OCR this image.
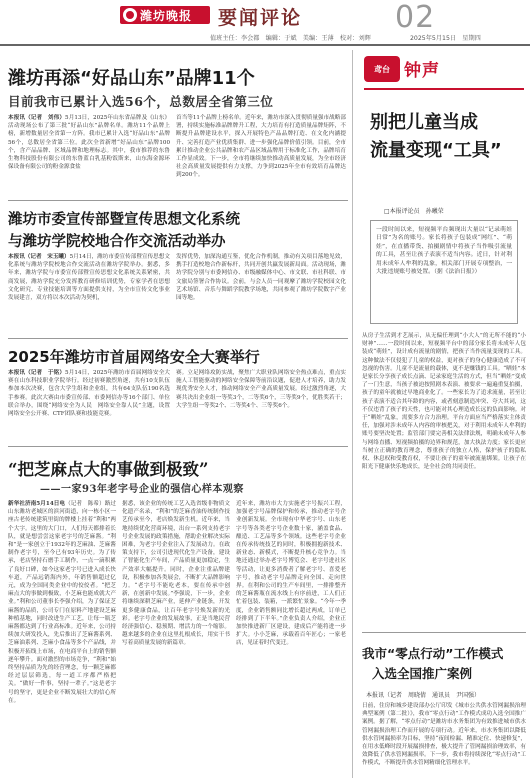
潍坊晚报 要闻评论	02
值班主任：李会都　编辑：于斌　美编：王薄　校对：刘辉	2025年5月15日　星期四
潍坊再添“好品山东”品牌11个
目前我市已累计入选56个，总数居全省第三位
本报讯（记者　刘伟）5月13日，2025年山东省品牌及《山东》活动现场公布了第三批“好品山东”品牌名单。潍坊11个品牌上榜，新增数量居全省第一方阵。我市已累计入选“好品山东”品牌56个，总数居全省第三位。此次全省新增“好品山东”品牌100个，含产品品牌、区域品牌和地理标志。其中，我市推荐的东鲁生物科技股份有限公司的东鲁蓝白乳基粉饭斯来，山东海金源环保设备有限公司的粉金源食盐
首当等11个品牌上榜名单。近年来，潍坊市深入贯彻质量强市战略部署，持续实施标准品牌牌升工程，大力培育有打造质量品牌矩阵，不断提升品牌建设水平，探入开展特色产品品牌打造、在文化内涵提升、完善打造产业优质集群、进一步强化品牌价值引领。目前，全市累计推动企业公共品牌和农产品区域品牌用于标准化工作，品牌培育工作显成效。下一步，全市将继续加快推动高质量发展，为全市经济社会高质量发展提供有力支撑，力争到2025年全市有效培育品牌达到200个。
潍坊市委宣传部暨宣传思想文化系统
与潍坊学院校地合作交流活动举办
本报讯（记者　宋玉曦）5月14日，潍坊市委宣传部暨宣传思想文化系统与潍坊学院校地合作交流活动在潍坊学院举办。据悉，多年来，潍坊学院与市委宣传部暨宣传思想文化系统关系紧密，共商发展，潍坊学院充分发挥教育研修培训优势，专家学者在思想文化研究、专业技能培训等方面提供支持，为全市宣传文化事业发展建言，双方将以本次活动为契机，
发挥优势，加深沟通互鉴，优化合作机制，推动有关项目落地见效，携手打造校地合作新标杆，共同开创共赢发展新局面。活动现场，潍坊学院分别与市委网信办、市级融媒体中心、市文联、市社科联、市文旅局签署合作协议。会前，与会人员一同观摩了潍坊学院校园文化艺术场馆、音乐与舞蹈学院教学场地，共同参观了潍坊学院数字产业园等地。
2025年潍坊市首届网络安全大赛举行
本报讯（记者　于铭）5月14日，2025年潍坊市首届网络安全大赛在山东科技职业学院举行。经过初赛激烈角逐，共有10支队伍参加本次决赛，包含大学生组和企业组，共有64支队伍190名选手参赛。此次大赛由市委宣传部、市委网信办等16个部门、单位联合举办，围绕“网络安全为人民　网络安全靠人民”主题，设置网络安全公开赛、CTF团队赛和技能竞赛。
赛。立足网络攻防实战，聚焦广大职业队网络安全热点难点，重点实施人工智能驱动的网络安全保障等前沿议题，促进人才培养，助力发现优秀安全人才，推动网络安全产业高质量发展。经过激烈角逐，大赛共决出企业组一等奖3个，二等奖6个，三等奖9个，优胜奖若干；大学生组一等奖2个、二等奖4个、三等奖6个。
“把芝麻点大的事做到极致”
——一家93年老字号企业的强信心样本观察
新华社济南5月14日电（记者　陈希）路过山东潍坊老城区的滨河街道，向一栋小区一座古老传统建筑里街的牌楼上挂着“利和”两个大字。这里的大门口，人们每天都排着长队，就是想尝尝这家老字号的芝麻酱。“利和”是一家创立于1932年的芝麻油、芝麻酱制作老字号，至今已有93年历史。为了传承，老店坚持石磨手工制作，一点一滴积累了良好口碑，如今这家老字号已进入成长快车道，产品远销海内外，年销售额超过亿元，成为全国同类企业中的佼佼者。“把芝麻点大的事做到极致，小芝麻也能成就大产业。”利和公司董事长李强介绍，为了保证芝麻酱的品质，公司专门在原料产地建设芝麻种植基地，同时改进生产工艺，让每一瓶芝麻酱都达到了行业高标准。近年来，公司持续加大研发投入，先后推出了芝麻酱系列、芝麻油系列、芝麻小食品等多个产品线，并积极开拓线上市场，在电商平台上的销售额逐年攀升。面对激烈的市场竞争，“利和”始终坚持品质为先的经营理念，每一颗芝麻都经过层层筛选，每一道工序都严格把关。“做好一件事，坚持一辈子。”这是老字号的坚守，更是企业不断发展壮大的信心所在。
据悉，该企业的传统工艺入选省级非物质文化遗产名录，“利和”的芝麻香油传统制作技艺传承至今，老店焕发新生机。近年来，当地持续优化营商环境，出台一系列支持老字号企业发展的政策措施，帮助企业解决实际困难，为老字号企业注入了发展动力。在政策支持下，公司引进现代化生产设备，建设了智能化生产车间，产品质量更加稳定，生产效率大幅提升。同时，企业注重品牌建设，积极参加各类展会，不断扩大品牌影响力。“老字号不能吃老本，要在传承中创新，在创新中发展。”李强说，下一步，企业将继续深耕芝麻产业，延伸产业链条，开发更多健康食品，让百年老字号焕发新的光彩。老字号企业的发展故事，正是当地民营经济强信心、稳预期、增活力的一个缩影。越来越多的企业在这里扎根成长，用实干书写着高质量发展的新篇章。
近年来，潍坊市大力实施老字号振兴工程，加强老字号品牌保护和传承，推动老字号企业创新发展。全市现有中华老字号、山东老字号等各类老字号企业数十家，涵盖食品、酿造、工艺品等多个领域。这些老字号企业在传承传统技艺的同时，积极拥抱新技术、新业态、新模式，不断提升核心竞争力。当地还通过举办老字号博览会、老字号进社区等活动，让更多消费者了解老字号、喜爱老字号，推动老字号品牌走向全国、走向世界。在利和公司的生产车间里，一排排整齐的芝麻酱瓶在流水线上有序前进，工人们正忙着包装、装箱，一派繁忙景象。“今年一季度，企业销售额同比增长超过两成，订单已经排到了下半年。”企业负责人介绍，企业正加快推进新厂区建设，建成后产能将进一步扩大。小小芝麻，承载着百年匠心；一家老店，见证着时代变迁。
鸢台 钟声
别把儿童当成
流量变现“工具”
□本报评论员　孙曦荣
一段时间以来，短视频平台频现出大量以“记录萌娃日常”为名的账号。家长将孩子包装成“网红”、“萌娃”，在直播带货、拍摄剧情中将孩子当作吸引流量的工具，甚至让孩子表演不适当内容。近日，针对利用未成年人牟利的乱象，相关部门开展专项整治，一大批违规账号被处置。（据《法治日报》）
从房子生活到才艺展示，从无偏任理到“小大人”的无所不能的“小财神”……一段时间以来，短视频平台中的部分家长将未成年人包装成“萌娃”，设计成有流量的剧情，把孩子当作流量变现的工具。这种做法不仅侵犯了儿童的权益，更对孩子的身心健康造成了不可忽视的伤害。儿童不是流量的载体，更不是赚钱的工具。“晒娃”本是家长分享孩子成长点滴、记录家庭生活的方式，但当“晒娃”变成了一门生意，当孩子被迫按照剧本表演、被要求一遍遍重复拍摄，孩子的童年就被过早地商业化了。一些家长为了追求流量，甚至让孩子表演不适合其年龄的内容，或者刻意制造冲突、夸大其词，这不仅违背了孩子的天性，也可能对其心理造成长远的负面影响。对于“晒娃”乱象，需要多方合力治理。平台方面应当严格落实主体责任，加强对涉未成年人内容的审核把关，对于利用未成年人牟利的账号要坚决处置；监管部门要完善相关法律法规，明确未成年人参与网络直播、短视频拍摄的边界和规范，加大执法力度；家长更应当树立正确的教育理念，尊重孩子的独立人格，保护孩子的隐私权、休息权和受教育权，不要让孩子的童年被流量绑架。让孩子在阳光下健康快乐地成长，是全社会的共同责任。
我市“零点行动”工作模式
入选全国推广案例
本报讯（记者　周晓倩　通讯员　尹国强）
日前，住房和城乡建设部办公厅印发《城市公共供水管网漏损治理典型案例（第二批）》，我市“零点行动”工作模式成功入选全国推广案例。据了解，“零点行动”是潍坊市水务集团为有效推进城市供水管网漏损治理工作而开展的专项行动。近年来，市水务集团以降低供水管网漏损率为目标，坚持“夜间检漏、精准定位、快速修复”，在用水低峰时段开展漏损排查，极大提升了管网漏损治理效率，有效降低了供水管网漏损率。下一步，我市将持续深化“零点行动”工作模式，不断提升供水管网精细化管理水平。
